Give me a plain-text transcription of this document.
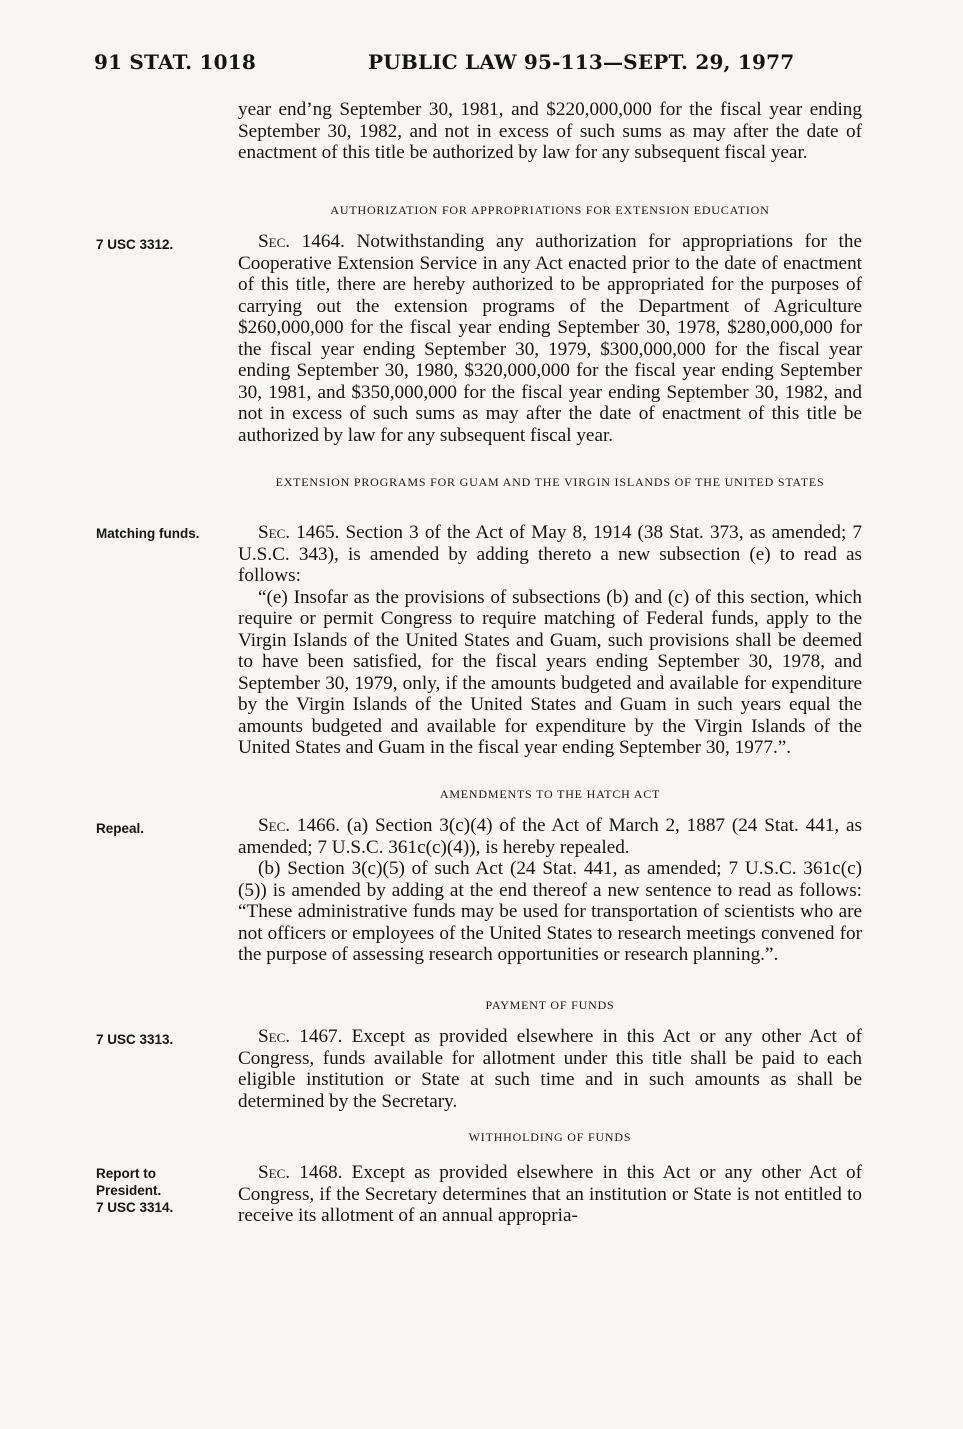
91 STAT. 1018	PUBLIC LAW 95-113—SEPT. 29, 1977

year end’ng September 30, 1981, and $220,000,000 for the fiscal year ending September 30, 1982, and not in excess of such sums as may after the date of enactment of this title be authorized by law for any subsequent fiscal year.

AUTHORIZATION FOR APPROPRIATIONS FOR EXTENSION EDUCATION
7 USC 3312.	Sec. 1464. Notwithstanding any authorization for appropriations for the Cooperative Extension Service in any Act enacted prior to the date of enactment of this title, there are hereby authorized to be appropriated for the purposes of carrying out the extension programs of the Department of Agriculture $260,000,000 for the fiscal year ending September 30, 1978, $280,000,000 for the fiscal year ending September 30, 1979, $300,000,000 for the fiscal year ending September 30, 1980, $320,000,000 for the fiscal year ending September 30, 1981, and $350,000,000 for the fiscal year ending September 30, 1982, and not in excess of such sums as may after the date of enactment of this title be authorized by law for any subsequent fiscal year.

EXTENSION PROGRAMS FOR GUAM AND THE VIRGIN ISLANDS OF THE UNITED STATES
Matching funds.	Sec. 1465. Section 3 of the Act of May 8, 1914 (38 Stat. 373, as amended; 7 U.S.C. 343), is amended by adding thereto a new subsection (e) to read as follows:

“(e) Insofar as the provisions of subsections (b) and (c) of this section, which require or permit Congress to require matching of Federal funds, apply to the Virgin Islands of the United States and Guam, such provisions shall be deemed to have been satisfied, for the fiscal years ending September 30, 1978, and September 30, 1979, only, if the amounts budgeted and available for expenditure by the Virgin Islands of the United States and Guam in such years equal the amounts budgeted and available for expenditure by the Virgin Islands of the United States and Guam in the fiscal year ending September 30, 1977.”.

AMENDMENTS TO THE HATCH ACT
Repeal.	Sec. 1466. (a) Section 3(c)(4) of the Act of March 2, 1887 (24 Stat. 441, as amended; 7 U.S.C. 361c(c)(4)), is hereby repealed.

(b) Section 3(c)(5) of such Act (24 Stat. 441, as amended; 7 U.S.C. 361c(c)(5)) is amended by adding at the end thereof a new sentence to read as follows: “These administrative funds may be used for transportation of scientists who are not officers or employees of the United States to research meetings convened for the purpose of assessing research opportunities or research planning.”.

PAYMENT OF FUNDS
7 USC 3313.	Sec. 1467. Except as provided elsewhere in this Act or any other Act of Congress, funds available for allotment under this title shall be paid to each eligible institution or State at such time and in such amounts as shall be determined by the Secretary.

WITHHOLDING OF FUNDS
Report to
President.
7 USC 3314.

Sec. 1468. Except as provided elsewhere in this Act or any other Act of Congress, if the Secretary determines that an institution or State is not entitled to receive its allotment of an annual appropria-
